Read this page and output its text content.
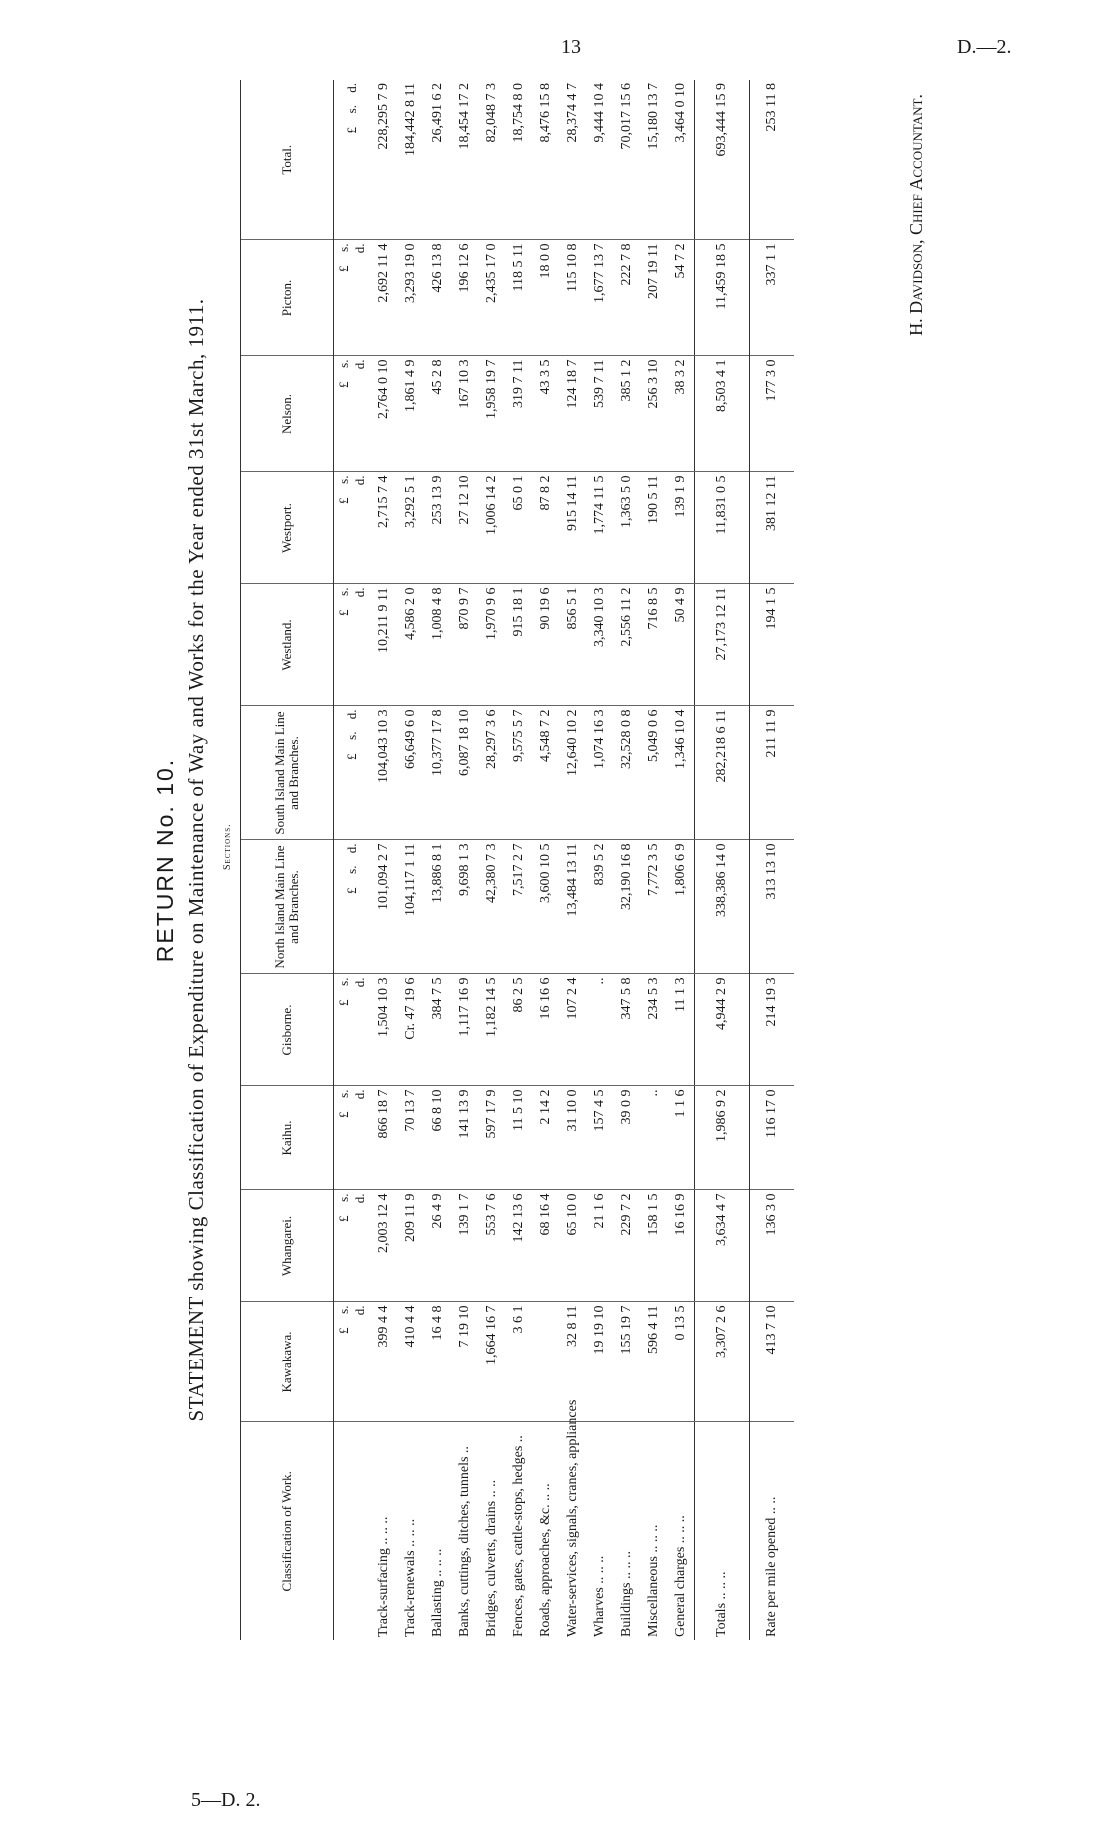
13	D.—2.
5—D. 2.
RETURN No. 10. STATEMENT showing Classification of Expenditure on Maintenance of Way and Works for the Year ended 31st March, 1911. Sections.
Classification of Work.	Kawakawa.	Whangarei.	Kaihu.	Gisborne.	North Island Main Line and Branches.	South Island Main Line and Branches.	Westland.	Westport.	Nelson.	Picton.	Total.
	£s.d.	£s.d.	£s.d.	£s.d.	£s.d.	£s.d.	£s.d.	£s.d.	£s.d.	£s.d.	£s.d.
Track-surfacing .. .. ..	399 4 4	2,003 12 4	866 18 7	1,504 10 3	101,094 2 7	104,043 10 3	10,211 9 11	2,715 7 4	2,764 0 10	2,692 11 4	228,295 7 9
Track-renewals .. .. ..	410 4 4	209 11 9	70 13 7	Cr. 47 19 6	104,117 1 11	66,649 6 0	4,586 2 0	3,292 5 1	1,861 4 9	3,293 19 0	184,442 8 11
Ballasting .. .. ..	16 4 8	26 4 9	66 8 10	384 7 5	13,886 8 1	10,377 17 8	1,008 4 8	253 13 9	45 2 8	426 13 8	26,491 6 2
Banks, cuttings, ditches, tunnels ..	7 19 10	139 1 7	141 13 9	1,117 16 9	9,698 1 3	6,087 18 10	870 9 7	27 12 10	167 10 3	196 12 6	18,454 17 2
Bridges, culverts, drains .. ..	1,664 16 7	553 7 6	597 17 9	1,182 14 5	42,380 7 3	28,297 3 6	1,970 9 6	1,006 14 2	1,958 19 7	2,435 17 0	82,048 7 3
Fences, gates, cattle-stops, hedges ..	3 6 1	142 13 6	11 5 10	86 2 5	7,517 2 7	9,575 5 7	915 18 1	65 0 1	319 7 11	118 5 11	18,754 8 0
Roads, approaches, &c. .. ..		68 16 4	2 14 2	16 16 6	3,600 10 5	4,548 7 2	90 19 6	87 8 2	43 3 5	18 0 0	8,476 15 8
Water-services, signals, cranes, appliances	32 8 11	65 10 0	31 10 0	107 2 4	13,484 13 11	12,640 10 2	856 5 1	915 14 11	124 18 7	115 10 8	28,374 4 7
Wharves .. .. ..	19 19 10	21 1 6	157 4 5	..	839 5 2	1,074 16 3	3,340 10 3	1,774 11 5	539 7 11	1,677 13 7	9,444 10 4
Buildings .. .. ..	155 19 7	229 7 2	39 0 9	347 5 8	32,190 16 8	32,528 0 8	2,556 11 2	1,363 5 0	385 1 2	222 7 8	70,017 15 6
Miscellaneous .. .. ..	596 4 11	158 1 5	..	234 5 3	7,772 3 5	5,049 0 6	716 8 5	190 5 11	256 3 10	207 19 11	15,180 13 7
General charges .. .. ..	0 13 5	16 16 9	1 1 6	11 1 3	1,806 6 9	1,346 10 4	50 4 9	139 1 9	38 3 2	54 7 2	3,464 0 10
Totals .. .. ..	3,307 2 6	3,634 4 7	1,986 9 2	4,944 2 9	338,386 14 0	282,218 6 11	27,173 12 11	11,831 0 5	8,503 4 1	11,459 18 5	693,444 15 9
Rate per mile opened .. ..	413 7 10	136 3 0	116 17 0	214 19 3	313 13 10	211 11 9	194 1 5	381 12 11	177 3 0	337 1 1	253 11 8	H. Davidson, Chief Accountant.
